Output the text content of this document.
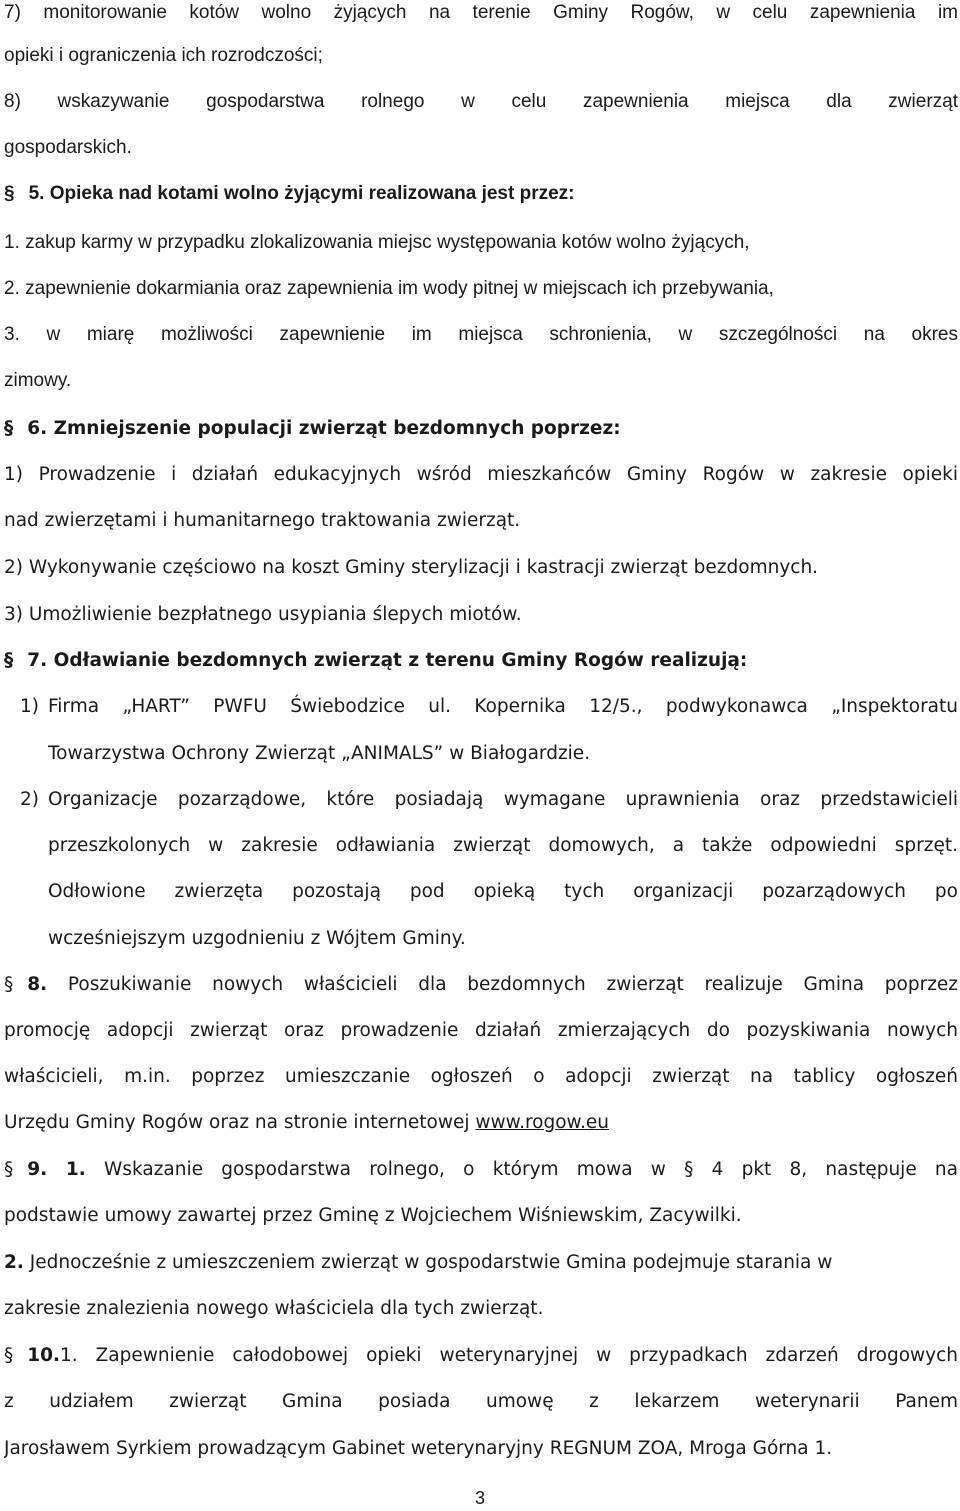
7) monitorowanie kotów wolno żyjących na terenie Gminy Rogów, w celu zapewnienia im

opieki i ograniczenia ich rozrodczości;

8) wskazywanie gospodarstwa rolnego w celu zapewnienia miejsca dla zwierząt

gospodarskich.

§ 5. Opieka nad kotami wolno żyjącymi realizowana jest przez:

1. zakup karmy w przypadku zlokalizowania miejsc występowania kotów wolno żyjących,

2. zapewnienie dokarmiania oraz zapewnienia im wody pitnej w miejscach ich przebywania,

3. w miarę możliwości zapewnienie im miejsca schronienia, w szczególności na okres

zimowy.

§ 6. Zmniejszenie populacji zwierząt bezdomnych poprzez:

1) Prowadzenie i działań edukacyjnych wśród mieszkańców Gminy Rogów w zakresie opieki

nad zwierzętami i humanitarnego traktowania zwierząt.

2) Wykonywanie częściowo na koszt Gminy sterylizacji i kastracji zwierząt bezdomnych.

3) Umożliwienie bezpłatnego usypiania ślepych miotów.

§ 7. Odławianie bezdomnych zwierząt z terenu Gminy Rogów realizują:

1) Firma „HART” PWFU Świebodzice ul. Kopernika 12/5., podwykonawca „Inspektoratu

Towarzystwa Ochrony Zwierząt „ANIMALS” w Białogardzie.

2) Organizacje pozarządowe, które posiadają wymagane uprawnienia oraz przedstawicieli

przeszkolonych w zakresie odławiania zwierząt domowych, a także odpowiedni sprzęt.

Odłowione zwierzęta pozostają pod opieką tych organizacji pozarządowych po

wcześniejszym uzgodnieniu z Wójtem Gminy.

§ 8. Poszukiwanie nowych właścicieli dla bezdomnych zwierząt realizuje Gmina poprzez

promocję adopcji zwierząt oraz prowadzenie działań zmierzających do pozyskiwania nowych

właścicieli, m.in. poprzez umieszczanie ogłoszeń o adopcji zwierząt na tablicy ogłoszeń

Urzędu Gminy Rogów oraz na stronie internetowej www.rogow.eu

§ 9. 1. Wskazanie gospodarstwa rolnego, o którym mowa w § 4 pkt 8, następuje na

podstawie umowy zawartej przez Gminę z Wojciechem Wiśniewskim, Zacywilki.

2. Jednocześnie z umieszczeniem zwierząt w gospodarstwie Gmina podejmuje starania w

zakresie znalezienia nowego właściciela dla tych zwierząt.

§ 10.1. Zapewnienie całodobowej opieki weterynaryjnej w przypadkach zdarzeń drogowych

z udziałem zwierząt Gmina posiada umowę z lekarzem weterynarii Panem

Jarosławem Syrkiem prowadzącym Gabinet weterynaryjny REGNUM ZOA, Mroga Górna 1.

3
